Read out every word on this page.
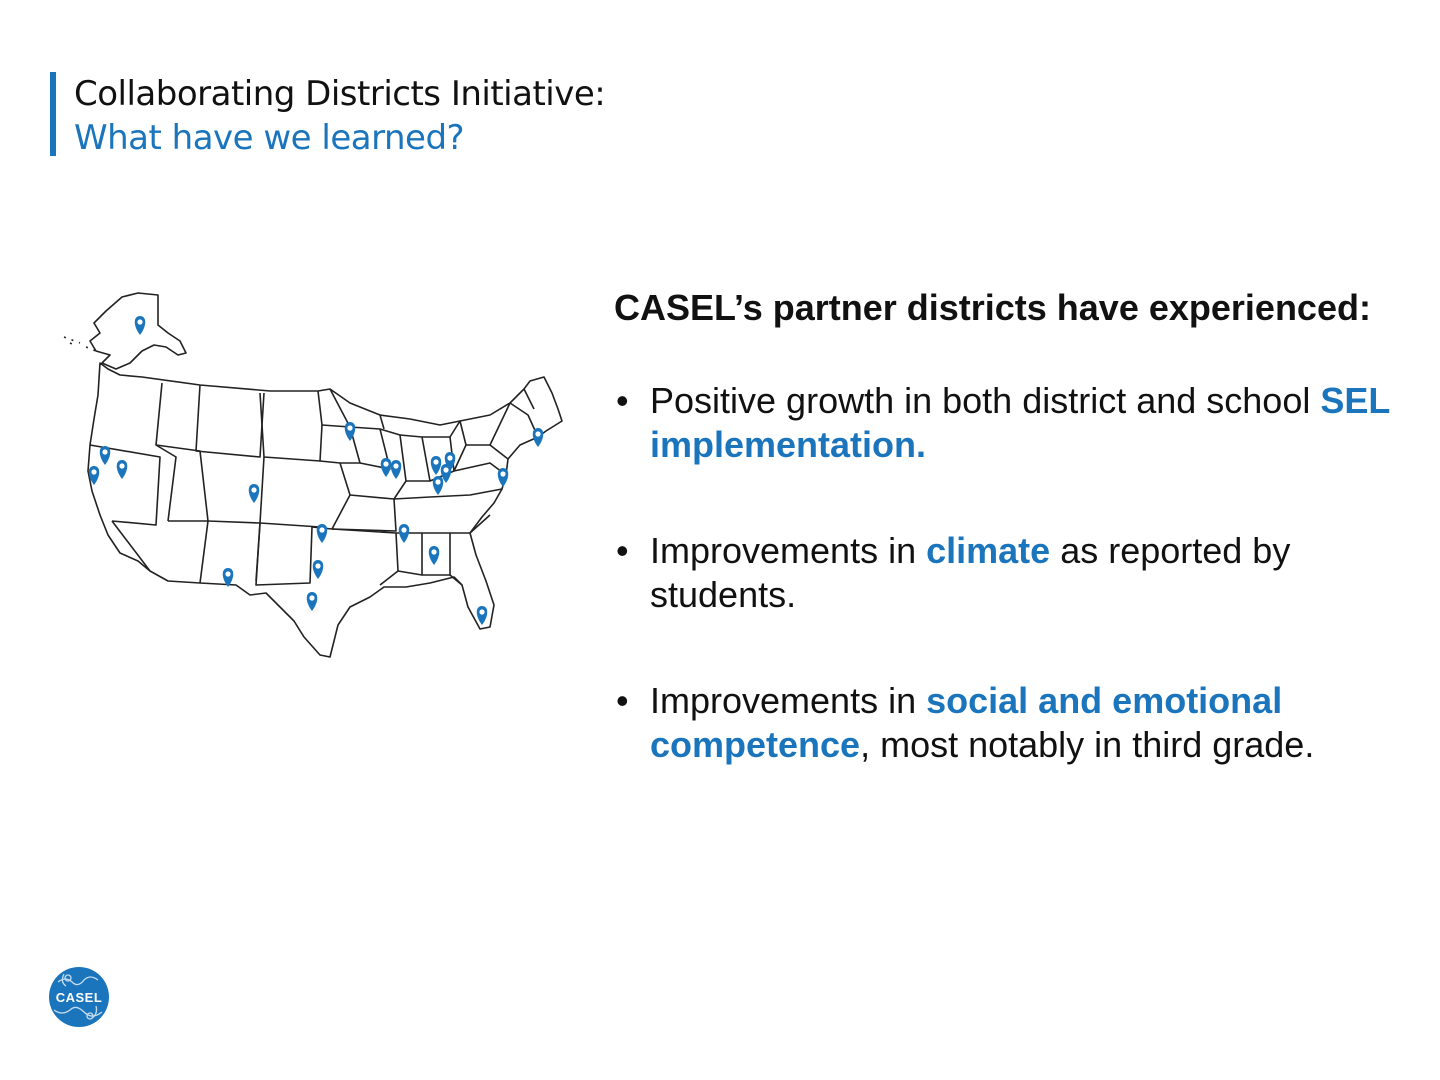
Collaborating Districts Initiative:
What have we learned?
CASEL’s partner districts have experienced:
• Positive growth in both district and school SEL implementation.
• Improvements in climate as reported by students.
• Improvements in social and emotional competence, most notably in third grade.
CASEL
